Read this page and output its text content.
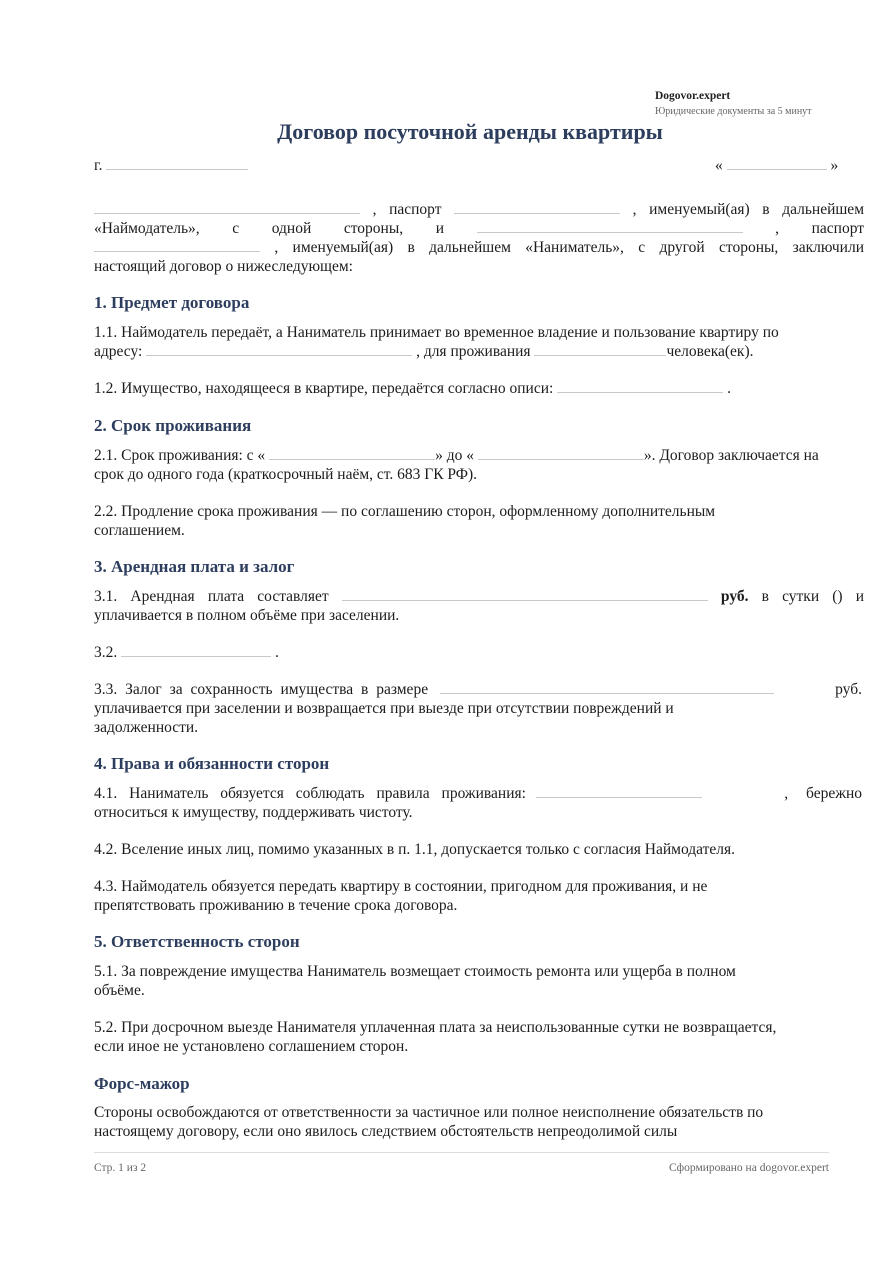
Dogovor.expert
Юридические документы за 5 минут
Договор посуточной аренды квартиры
г.	«	»
, паспорт	, именуемый(ая) в дальнейшем
«Наймодатель», с одной стороны, и	, паспорт
, именуемый(ая) в дальнейшем «Наниматель», с другой стороны, заключили
настоящий договор о нижеследующем:
1. Предмет договора
1.1. Наймодатель передаёт, а Наниматель принимает во временное владение и пользование квартиру по
адресу:	, для проживания	человека(ек).
1.2. Имущество, находящееся в квартире, передаётся согласно описи:	.
2. Срок проживания
2.1. Срок проживания: с «	» до «	». Договор заключается на
срок до одного года (краткосрочный наём, ст. 683 ГК РФ).
2.2. Продление срока проживания — по соглашению сторон, оформленному дополнительным
соглашением.
3. Арендная плата и залог
3.1. Арендная плата составляет	руб. в сутки () и
уплачивается в полном объёме при заселении.
3.2.	.
3.3. Залог за сохранность имущества в размере	руб.
уплачивается при заселении и возвращается при выезде при отсутствии повреждений и
задолженности.
4. Права и обязанности сторон
4.1. Наниматель обязуется соблюдать правила проживания:	, бережно
относиться к имуществу, поддерживать чистоту.
4.2. Вселение иных лиц, помимо указанных в п. 1.1, допускается только с согласия Наймодателя.
4.3. Наймодатель обязуется передать квартиру в состоянии, пригодном для проживания, и не
препятствовать проживанию в течение срока договора.
5. Ответственность сторон
5.1. За повреждение имущества Наниматель возмещает стоимость ремонта или ущерба в полном
объёме.
5.2. При досрочном выезде Нанимателя уплаченная плата за неиспользованные сутки не возвращается,
если иное не установлено соглашением сторон.
Форс-мажор
Стороны освобождаются от ответственности за частичное или полное неисполнение обязательств по
настоящему договору, если оно явилось следствием обстоятельств непреодолимой силы
Стр. 1 из 2	Сформировано на dogovor.expert
